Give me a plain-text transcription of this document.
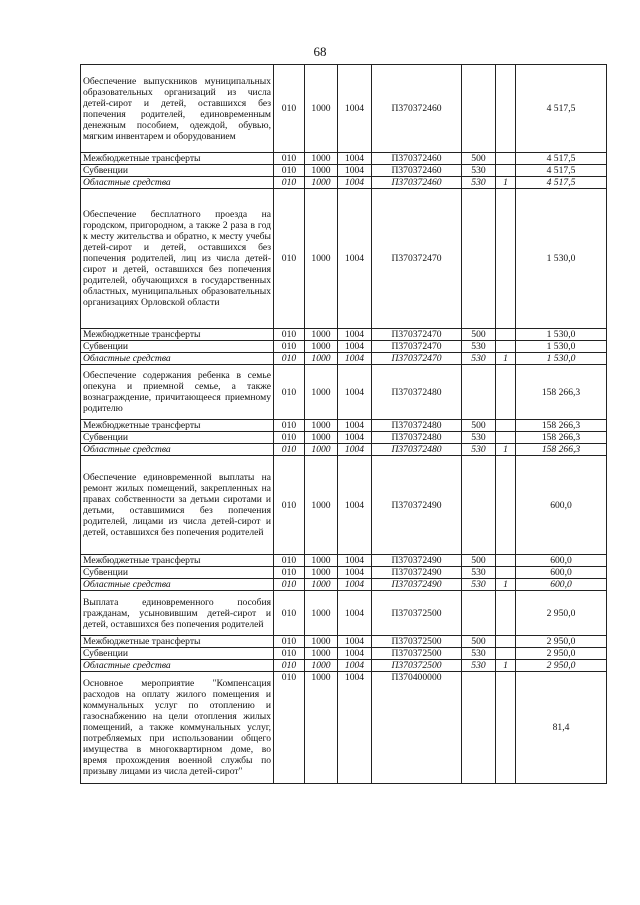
68
Обеспечение выпускников муниципальных образовательных организаций из числа детей-сирот и детей, оставшихся без попечения родителей, единовременным денежным пособием, одеждой, обувью, мягким инвентарем и оборудованием	010	1000	1004	П370372460			4 517,5
Межбюджетные трансферты	010	1000	1004	П370372460	500		4 517,5
Субвенции	010	1000	1004	П370372460	530		4 517,5
Областные средства	010	1000	1004	П370372460	530	1	4 517,5
Обеспечение бесплатного проезда на городском, пригородном, а также 2 раза в год к месту жительства и обратно, к месту учебы детей-сирот и детей, оставшихся без попечения родителей, лиц из числа детей-сирот и детей, оставшихся без попечения родителей, обучающихся в государственных областных, муниципальных образовательных организациях Орловской области	010	1000	1004	П370372470			1 530,0
Межбюджетные трансферты	010	1000	1004	П370372470	500		1 530,0
Субвенции	010	1000	1004	П370372470	530		1 530,0
Областные средства	010	1000	1004	П370372470	530	1	1 530,0
Обеспечение содержания ребенка в семье опекуна и приемной семье, а также вознаграждение, причитающееся приемному родителю	010	1000	1004	П370372480			158 266,3
Межбюджетные трансферты	010	1000	1004	П370372480	500		158 266,3
Субвенции	010	1000	1004	П370372480	530		158 266,3
Областные средства	010	1000	1004	П370372480	530	1	158 266,3
Обеспечение единовременной выплаты на ремонт жилых помещений, закрепленных на правах собственности за детьми сиротами и детьми, оставшимися без попечения родителей, лицами из числа детей-сирот и детей, оставшихся без попечения родителей	010	1000	1004	П370372490			600,0
Межбюджетные трансферты	010	1000	1004	П370372490	500		600,0
Субвенции	010	1000	1004	П370372490	530		600,0
Областные средства	010	1000	1004	П370372490	530	1	600,0
Выплата единовременного пособия гражданам, усыновившим детей-сирот и детей, оставшихся без попечения родителей	010	1000	1004	П370372500			2 950,0
Межбюджетные трансферты	010	1000	1004	П370372500	500		2 950,0
Субвенции	010	1000	1004	П370372500	530		2 950,0
Областные средства	010	1000	1004	П370372500	530	1	2 950,0
Основное мероприятие "Компенсация расходов на оплату жилого помещения и коммунальных услуг по отоплению и газоснабжению на цели отопления жилых помещений, а также коммунальных услуг, потребляемых при использовании общего имущества в многоквартирном доме, во время прохождения военной службы по призыву лицами из числа детей-сирот"	010	1000	1004	П370400000			81,4
